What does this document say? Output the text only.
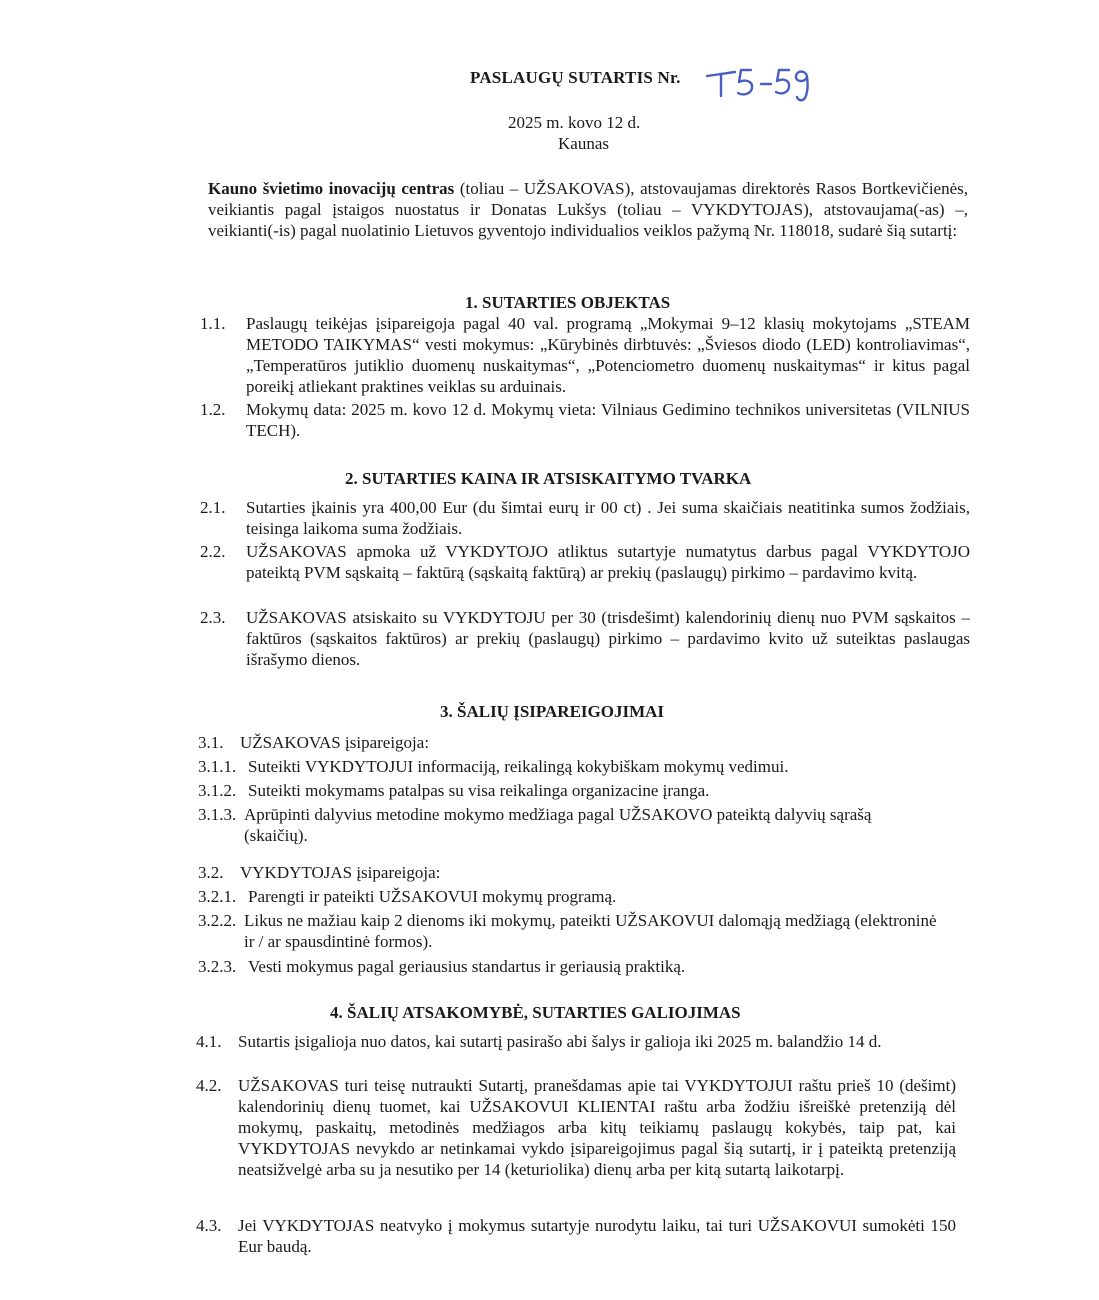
PASLAUGŲ SUTARTIS Nr.
2025 m. kovo 12 d.
Kaunas

Kauno švietimo inovacijų centras (toliau – UŽSAKOVAS), atstovaujamas direktorės Rasos Bortkevičienės, veikiantis pagal įstaigos nuostatus ir Donatas Lukšys (toliau – VYKDYTOJAS), atstovaujama(-as) –, veikianti(-is) pagal nuolatinio Lietuvos gyventojo individualios veiklos pažymą Nr. 118018, sudarė šią sutartį:

1. SUTARTIES OBJEKTAS
1.1.	Paslaugų teikėjas įsipareigoja pagal 40 val. programą „Mokymai 9–12 klasių mokytojams „STEAM METODO TAIKYMAS“ vesti mokymus: „Kūrybinės dirbtuvės: „Šviesos diodo (LED) kontroliavimas“, „Temperatūros jutiklio duomenų nuskaitymas“, „Potenciometro duomenų nuskaitymas“ ir kitus pagal poreikį atliekant praktines veiklas su arduinais.
1.2.	Mokymų data: 2025 m. kovo 12 d. Mokymų vieta: Vilniaus Gedimino technikos universitetas (VILNIUS TECH).
2. SUTARTIES KAINA IR ATSISKAITYMO TVARKA
2.1.	Sutarties įkainis yra 400,00 Eur (du šimtai eurų ir 00 ct) . Jei suma skaičiais neatitinka sumos žodžiais, teisinga laikoma suma žodžiais.
2.2.	UŽSAKOVAS apmoka už VYKDYTOJO atliktus sutartyje numatytus darbus pagal VYKDYTOJO pateiktą PVM sąskaitą – faktūrą (sąskaitą faktūrą) ar prekių (paslaugų) pirkimo – pardavimo kvitą.
2.3.	UŽSAKOVAS atsiskaito su VYKDYTOJU per 30 (trisdešimt) kalendorinių dienų nuo PVM sąskaitos – faktūros (sąskaitos faktūros) ar prekių (paslaugų) pirkimo – pardavimo kvito už suteiktas paslaugas išrašymo dienos.
3. ŠALIŲ ĮSIPAREIGOJIMAI
3.1. UŽSAKOVAS įsipareigoja:
3.1.1. Suteikti VYKDYTOJUI informaciją, reikalingą kokybiškam mokymų vedimui.
3.1.2. Suteikti mokymams patalpas su visa reikalinga organizacine įranga.
3.1.3. Aprūpinti dalyvius metodine mokymo medžiaga pagal UŽSAKOVO pateiktą dalyvių sąrašą (skaičių).
3.2. VYKDYTOJAS įsipareigoja:
3.2.1. Parengti ir pateikti UŽSAKOVUI mokymų programą.
3.2.2. Likus ne mažiau kaip 2 dienoms iki mokymų, pateikti UŽSAKOVUI dalomąją medžiagą (elektroninė ir / ar spausdintinė formos).
3.2.3. Vesti mokymus pagal geriausius standartus ir geriausią praktiką.
4. ŠALIŲ ATSAKOMYBĖ, SUTARTIES GALIOJIMAS
4.1. Sutartis įsigalioja nuo datos, kai sutartį pasirašo abi šalys ir galioja iki 2025 m. balandžio 14 d.
4.2. UŽSAKOVAS turi teisę nutraukti Sutartį, pranešdamas apie tai VYKDYTOJUI raštu prieš 10 (dešimt) kalendorinių dienų tuomet, kai UŽSAKOVUI KLIENTAI raštu arba žodžiu išreiškė pretenziją dėl mokymų, paskaitų, metodinės medžiagos arba kitų teikiamų paslaugų kokybės, taip pat, kai VYKDYTOJAS nevykdo ar netinkamai vykdo įsipareigojimus pagal šią sutartį, ir į pateiktą pretenziją neatsižvelgė arba su ja nesutiko per 14 (keturiolika) dienų arba per kitą sutartą laikotarpį.
4.3. Jei VYKDYTOJAS neatvyko į mokymus sutartyje nurodytu laiku, tai turi UŽSAKOVUI sumokėti 150 Eur baudą.
